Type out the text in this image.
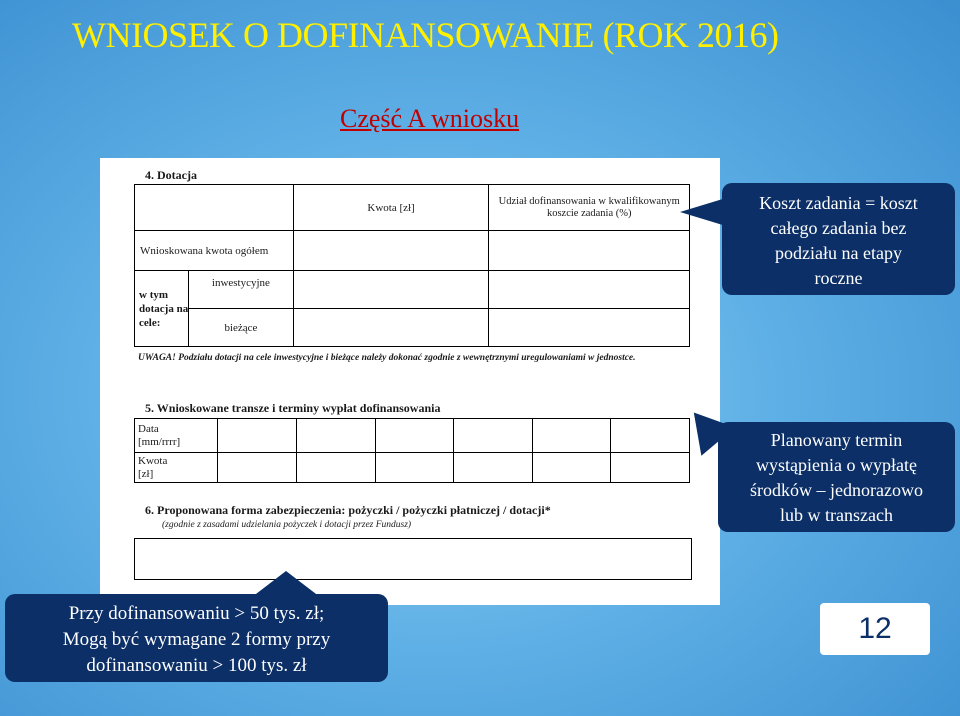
WNIOSEK O DOFINANSOWANIE (ROK 2016)
Część A wniosku
4. Dotacja
		Kwota [zł]	Udział dofinansowania w kwalifikowanym koszcie zadania (%)
Wnioskowana kwota ogółem			
w tym dotacja na cele:	inwestycyjne		
	bieżące		
UWAGA! Podziału dotacji na cele inwestycyjne i bieżące należy dokonać zgodnie z wewnętrznymi uregulowaniami w jednostce.
5. Wnioskowane transze i terminy wypłat dofinansowania
Data
[mm/rrrr]						

Kwota
[zł]						

6. Proponowana forma zabezpieczenia: pożyczki / pożyczki płatniczej / dotacji*
(zgodnie z zasadami udzielania pożyczek i dotacji przez Fundusz)
Koszt zadania = koszt
całego zadania bez
podziału na etapy
roczne
Planowany termin
wystąpienia o wypłatę
środków – jednorazowo
lub w transzach
Przy dofinansowaniu > 50 tys. zł;
Mogą być wymagane 2 formy przy
dofinansowaniu > 100 tys. zł
12
